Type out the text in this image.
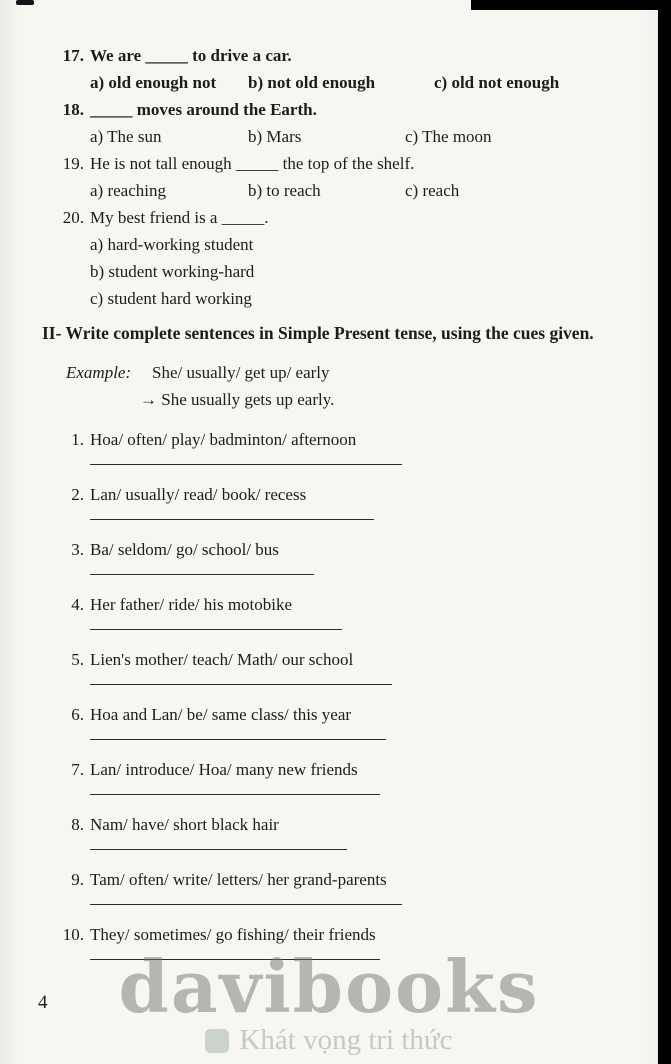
17. We are _____ to drive a car.
a) old enough not	b) not old enough	c) old not enough
18. _____ moves around the Earth.
a) The sun	b) Mars	c) The moon
19. He is not tall enough _____ the top of the shelf.
a) reaching	b) to reach	c) reach
20. My best friend is a _____.
a) hard-working student
b) student working-hard
c) student hard working
II- Write complete sentences in Simple Present tense, using the cues given.
Example:	She/ usually/ get up/ early
→ She usually gets up early.
1. Hoa/ often/ play/ badminton/ afternoon
2. Lan/ usually/ read/ book/ recess
3. Ba/ seldom/ go/ school/ bus
4. Her father/ ride/ his motobike
5. Lien's mother/ teach/ Math/ our school
6. Hoa and Lan/ be/ same class/ this year
7. Lan/ introduce/ Hoa/ many new friends
8. Nam/ have/ short black hair
9. Tam/ often/ write/ letters/ her grand-parents
10. They/ sometimes/ go fishing/ their friends
4 davibooks
Khát vọng tri thức
